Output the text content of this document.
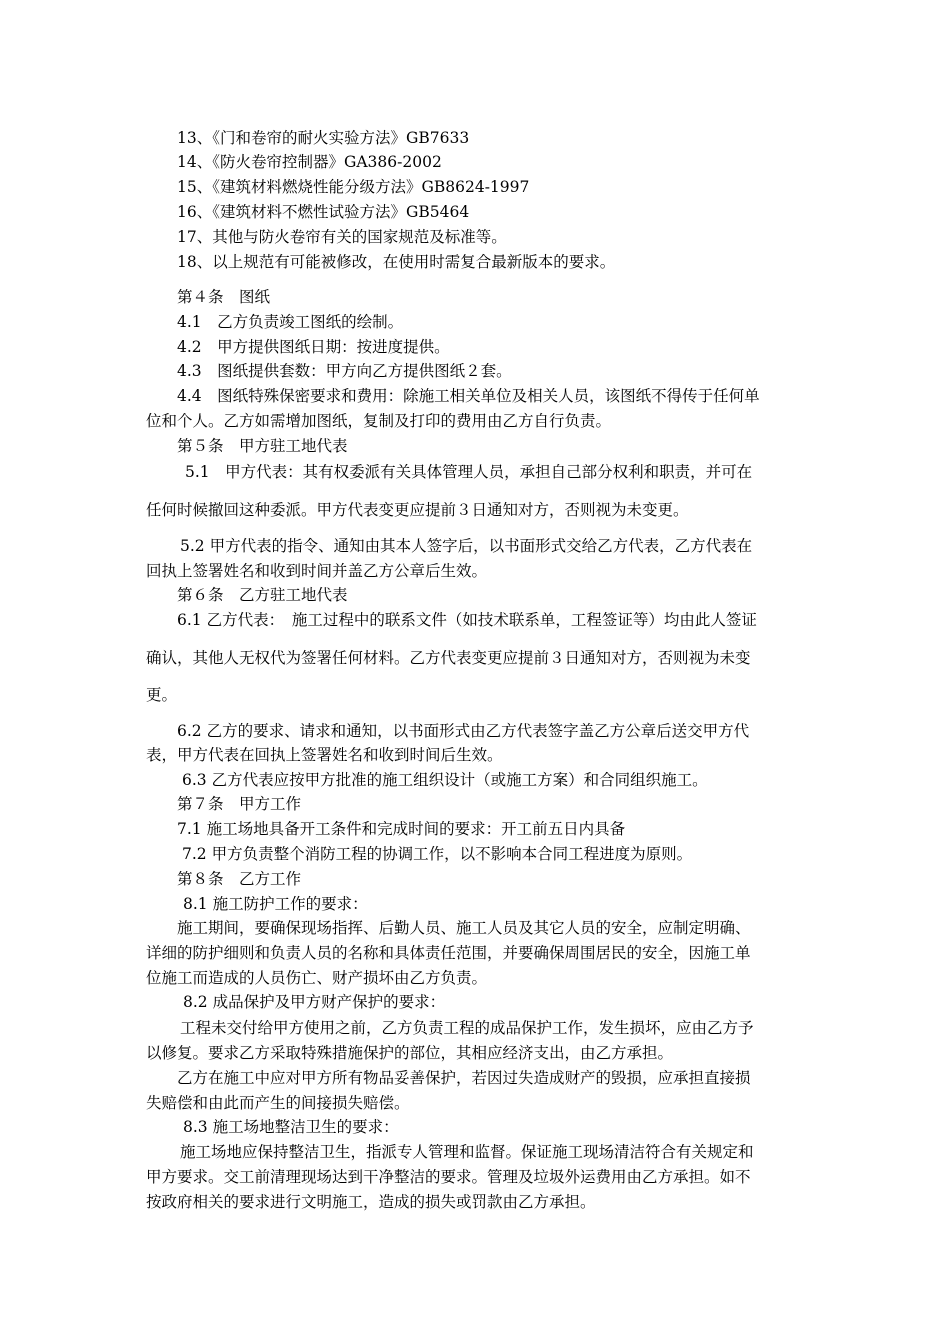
13、《门和卷帘的耐火实验方法》GB7633
14、《防火卷帘控制器》GA386-2002
15、《建筑材料燃烧性能分级方法》GB8624-1997
16、《建筑材料不燃性试验方法》GB5464
17、其他与防火卷帘有关的国家规范及标准等。
18、以上规范有可能被修改，在使用时需复合最新版本的要求。
第４条　图纸
4.1　乙方负责竣工图纸的绘制。
4.2　甲方提供图纸日期：按进度提供。
4.3　图纸提供套数：甲方向乙方提供图纸２套。
4.4　图纸特殊保密要求和费用：除施工相关单位及相关人员，该图纸不得传于任何单
位和个人。乙方如需增加图纸，复制及打印的费用由乙方自行负责。
第５条　甲方驻工地代表
5.1　甲方代表：其有权委派有关具体管理人员，承担自己部分权利和职责，并可在
任何时候撤回这种委派。甲方代表变更应提前３日通知对方，否则视为未变更。
5.2 甲方代表的指令、通知由其本人签字后，以书面形式交给乙方代表，乙方代表在
回执上签署姓名和收到时间并盖乙方公章后生效。
第６条　乙方驻工地代表
6.1 乙方代表：　施工过程中的联系文件（如技术联系单，工程签证等）均由此人签证
确认，其他人无权代为签署任何材料。乙方代表变更应提前３日通知对方，否则视为未变
更。
6.2 乙方的要求、请求和通知，以书面形式由乙方代表签字盖乙方公章后送交甲方代
表，甲方代表在回执上签署姓名和收到时间后生效。
6.3 乙方代表应按甲方批准的施工组织设计（或施工方案）和合同组织施工。
第７条　甲方工作
7.1 施工场地具备开工条件和完成时间的要求：开工前五日内具备
7.2 甲方负责整个消防工程的协调工作，以不影响本合同工程进度为原则。
第８条　乙方工作
8.1 施工防护工作的要求：
施工期间，要确保现场指挥、后勤人员、施工人员及其它人员的安全，应制定明确、
详细的防护细则和负责人员的名称和具体责任范围，并要确保周围居民的安全，因施工单
位施工而造成的人员伤亡、财产损坏由乙方负责。
8.2 成品保护及甲方财产保护的要求：
工程未交付给甲方使用之前，乙方负责工程的成品保护工作，发生损坏，应由乙方予
以修复。要求乙方采取特殊措施保护的部位，其相应经济支出，由乙方承担。
乙方在施工中应对甲方所有物品妥善保护，若因过失造成财产的毁损，应承担直接损
失赔偿和由此而产生的间接损失赔偿。
8.3 施工场地整洁卫生的要求：
施工场地应保持整洁卫生，指派专人管理和监督。保证施工现场清洁符合有关规定和
甲方要求。交工前清理现场达到干净整洁的要求。管理及垃圾外运费用由乙方承担。如不
按政府相关的要求进行文明施工，造成的损失或罚款由乙方承担。
